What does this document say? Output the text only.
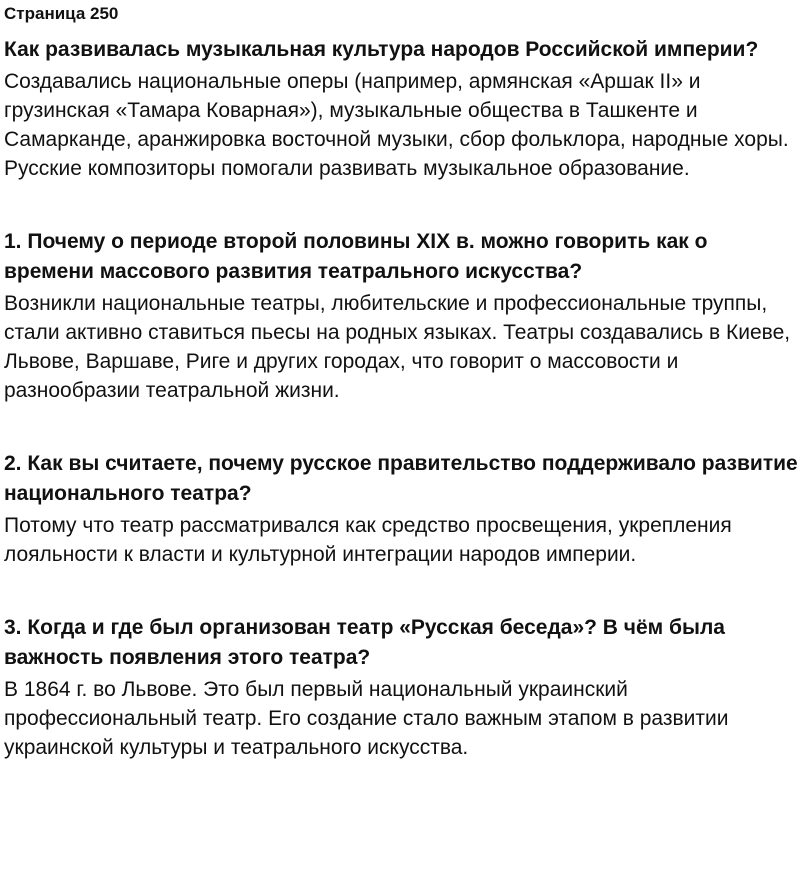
Страница 250
Как развивалась музыкальная культура народов Российской империи?
Создавались национальные оперы (например, армянская «Аршак II» и грузинская «Тамара Коварная»), музыкальные общества в Ташкенте и Самарканде, аранжировка восточной музыки, сбор фольклора, народные хоры. Русские композиторы помогали развивать музыкальное образование.
1. Почему о периоде второй половины XIX в. можно говорить как о времени массового развития театрального искусства?
Возникли национальные театры, любительские и профессиональные труппы, стали активно ставиться пьесы на родных языках. Театры создавались в Киеве, Львове, Варшаве, Риге и других городах, что говорит о массовости и разнообразии театральной жизни.
2. Как вы считаете, почему русское правительство поддерживало развитие национального театра?
Потому что театр рассматривался как средство просвещения, укрепления лояльности к власти и культурной интеграции народов империи.
3. Когда и где был организован театр «Русская беседа»? В чём была важность появления этого театра?
В 1864 г. во Львове. Это был первый национальный украинский профессиональный театр. Его создание стало важным этапом в развитии украинской культуры и театрального искусства.
